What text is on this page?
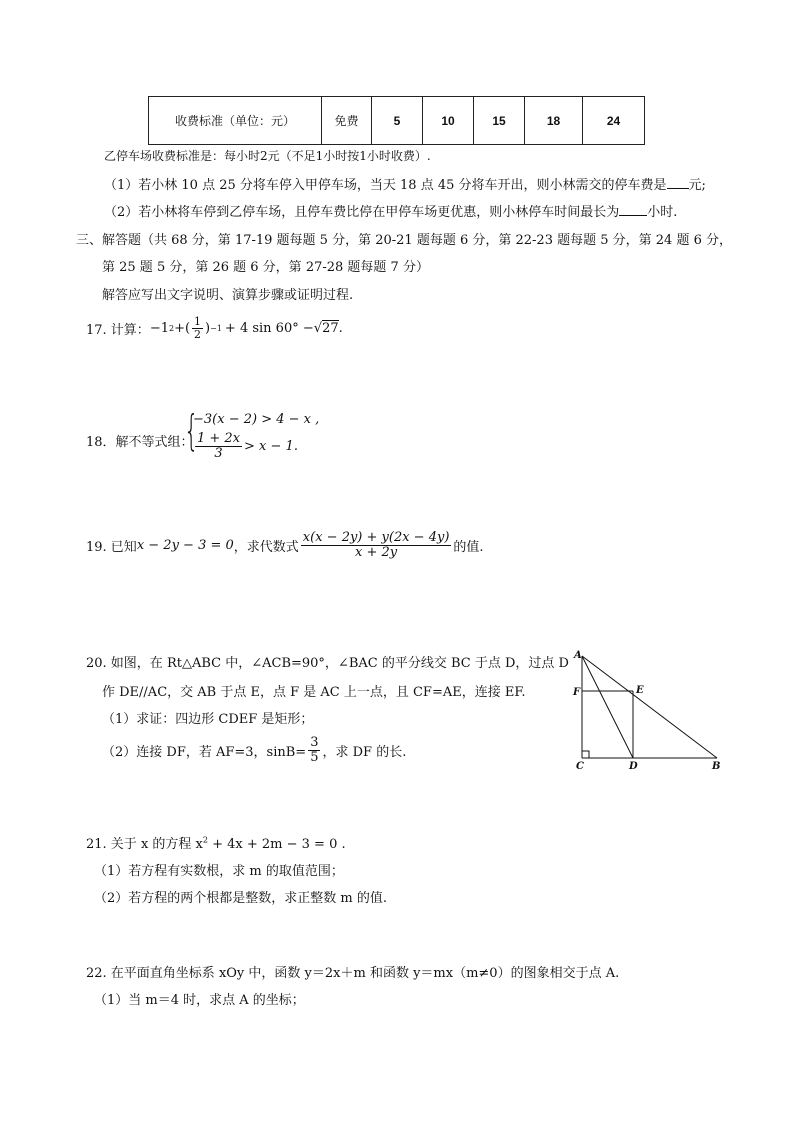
收费标准（单位：元）	免费	5	10	15	18	24
乙停车场收费标准是：每小时2元（不足1小时按1小时收费）.
（1）若小林 10 点 25 分将车停入甲停车场，当天 18 点 45 分将车开出，则小林需交的停车费是 元;
（2）若小林将车停到乙停车场，且停车费比停在甲停车场更优惠，则小林停车时间最长为 小时.
三、解答题（共 68 分，第 17-19 题每题 5 分，第 20-21 题每题 6 分，第 22-23 题每题 5 分，第 24 题 6 分，
第 25 题 5 分，第 26 题 6 分，第 27-28 题每题 7 分）
解答应写出文字说明、演算步骤或证明过程.
17. 计算： −1 2 +( $\frac{1}{2}$ ) −1 + 4 sin 60° − √ 27 .
18．解不等式组：
{
−3(x − 2) > 4 − x ,
$\frac{1 + 2x}{3} > x - 1$.
19. 已知 x − 2y − 3 = 0 ，求代数式 $\frac{x(x - 2y) + y(2x - 4y)}{x + 2y}$ 的值.
20. 如图，在 Rt△ABC 中，∠ACB=90°，∠BAC 的平分线交 BC 于点 D，过点 D
作 DE//AC，交 AB 于点 E，点 F 是 AC 上一点，且 CF=AE，连接 EF.
（1）求证：四边形 CDEF 是矩形；
（2）连接 DF，若 AF=3，$\sin B= \frac{3}{5}$ ，求 DF 的长.
A
F	E
C	D	B
21. 关于 x 的方程 $x^2 + 4x + 2m - 3 = 0$ .
（1）若方程有实数根，求 m 的取值范围；
（2）若方程的两个根都是整数，求正整数 m 的值.
22. 在平面直角坐标系 xOy 中，函数 y＝2x＋m 和函数 y＝mx（m≠0）的图象相交于点 A.
（1）当 m＝4 时，求点 A 的坐标；
